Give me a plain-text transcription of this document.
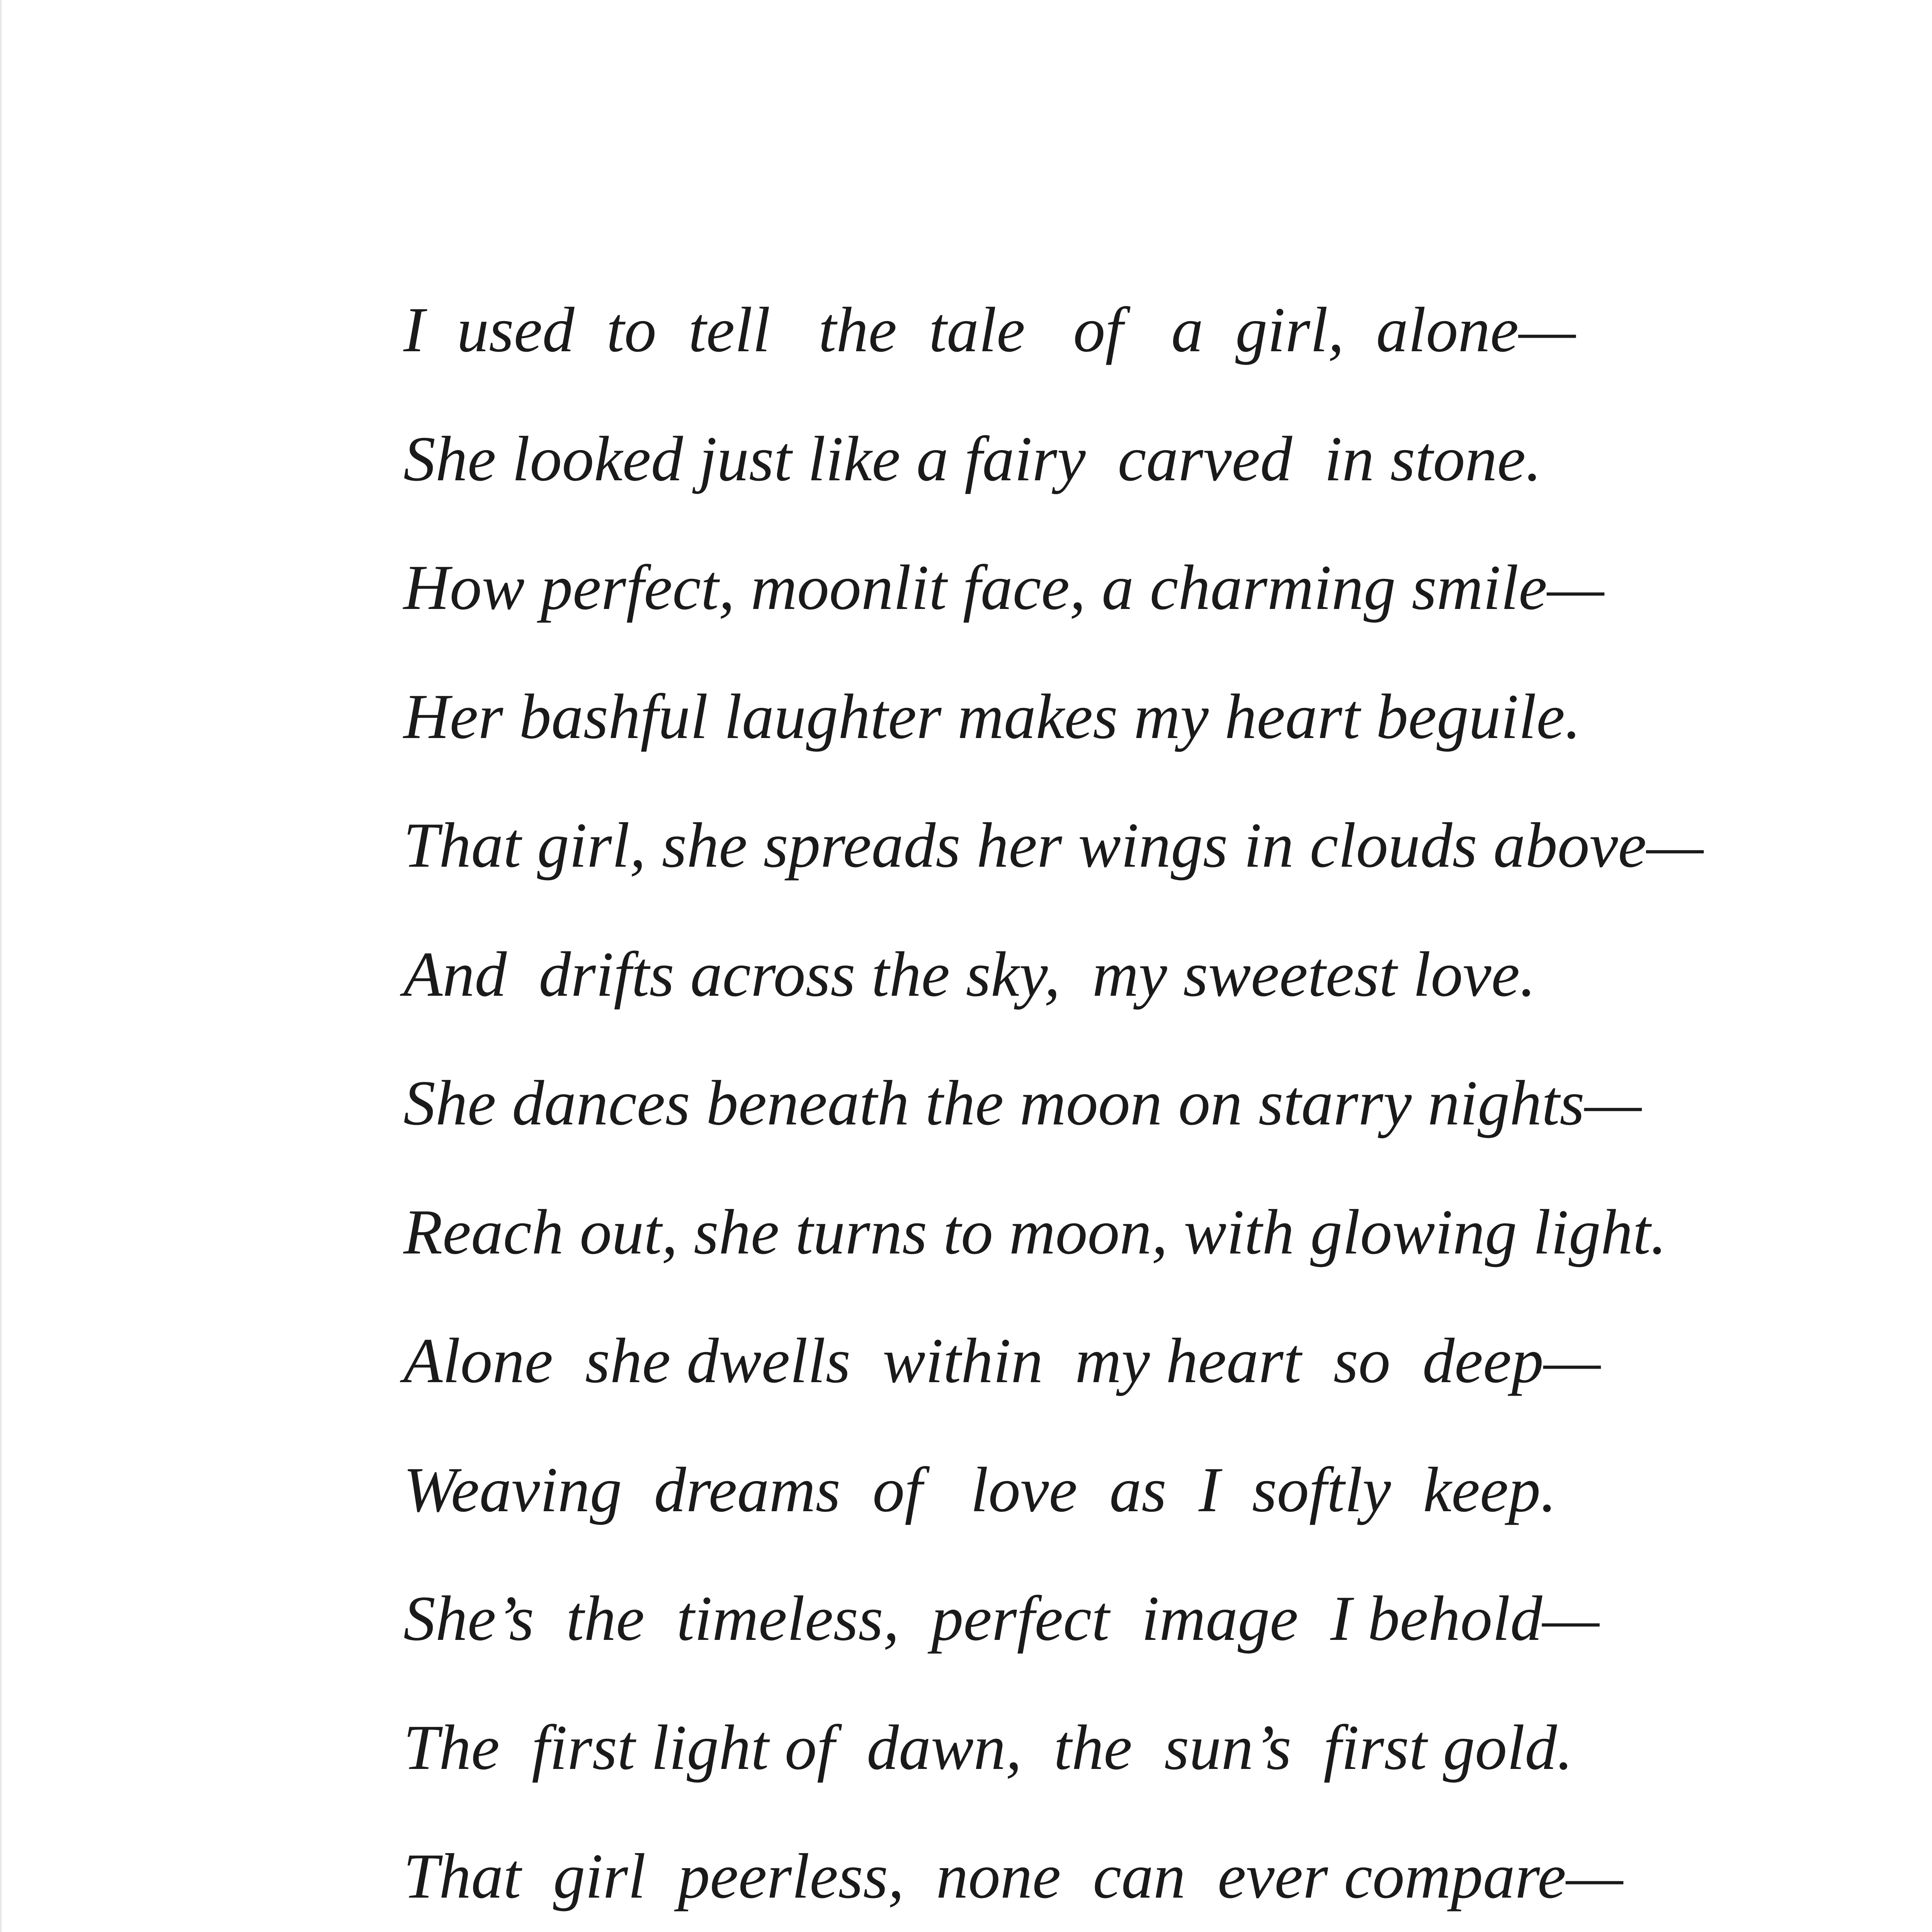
I  used  to  tell   the  tale   of   a  girl,  alone—
She looked just like a fairy  carved  in stone.
How perfect, moonlit face, a charming smile—
Her bashful laughter makes my heart beguile.
That girl, she spreads her wings in clouds above—
And  drifts across the sky,  my sweetest love.
She dances beneath the moon on starry nights—
Reach out, she turns to moon, with glowing light.
Alone  she dwells  within  my heart  so  deep—
Weaving  dreams  of   love  as  I  softly  keep.
She’s  the  timeless,  perfect  image  I behold—
The  first light of  dawn,  the  sun’s  first gold.
That  girl  peerless,  none  can  ever compare—
